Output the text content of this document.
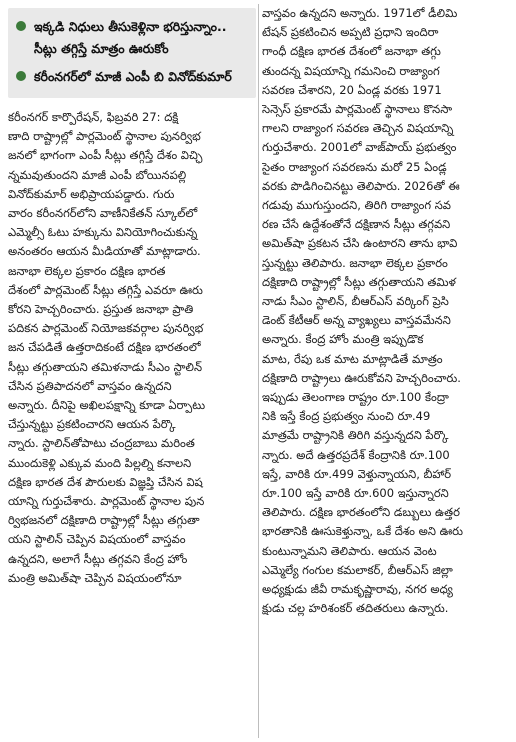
ఇక్కడి నిధులు తీసుకెళ్లినా భరిస్తున్నాం.. సీట్లు తగ్గిస్తే మాత్రం ఊరుకోం
కరీంనగర్‌లో మాజీ ఎంపీ బి వినోద్‌కుమార్
కరీంనగర్ కార్పొరేషన్, ఫిబ్రవరి 27: దక్షి
ణాది రాష్ట్రాల్లో పార్లమెంట్ స్థానాల పునర్విభ
జనలో భాగంగా ఎంపీ సీట్లు తగ్గిస్తే దేశం విచ్ఛి
న్నమవుతుందని మాజీ ఎంపీ బోయినపల్లి
వినోద్‌కుమార్ అభిప్రాయపడ్డారు. గురు
వారం కరీంనగర్‌లోని వాణీనికేతన్ స్కూల్‌లో
ఎమ్మెల్సీ ఓటు హక్కును వినియోగించుకున్న
అనంతరం ఆయన మీడియాతో మాట్లాడారు.
జనాభా లెక్కల ప్రకారం దక్షిణ భారత
దేశంలో పార్లమెంట్ సీట్లు తగ్గిస్తే ఎవరూ ఊరు
కోరని హెచ్చరించారు. ప్రస్తుత జనాభా ప్రాతి
పదికన పార్లమెంట్ నియోజకవర్గాల పునర్విభ
జన చేపడితే ఉత్తరాదికంటే దక్షిణ భారతంలో
సీట్లు తగ్గుతాయని తమిళనాడు సీఎం స్టాలిన్
చేసిన ప్రతిపాదనలో వాస్తవం ఉన్నదని
అన్నారు. దీనిపై అఖిలపక్షాన్ని కూడా ఏర్పాటు
చేస్తున్నట్టు ప్రకటించారని ఆయన పేర్కొ
న్నారు. స్టాలిన్‌తోపాటు చంద్రబాబు మరింత
ముందుకెళ్లి ఎక్కువ మంది పిల్లల్ని కనాలని
దక్షిణ భారత దేశ పౌరులకు విజ్ఞప్తి చేసిన విష
యాన్ని గుర్తుచేశారు. పార్లమెంట్ స్థానాల పున
ర్విభజనలో దక్షిణాది రాష్ట్రాల్లో సీట్లు తగ్గుతా
యని స్టాలిన్ చెప్పిన విషయంలో వాస్తవం
ఉన్నదని, అలాగే సీట్లు తగ్గవని కేంద్ర హోం
మంత్రి అమిత్‌షా చెప్పిన విషయంలోనూ
వాస్తవం ఉన్నదని అన్నారు. 1971లో డీలిమి
టేషన్ ప్రకటించిన అప్పటి ప్రధాని ఇందిరా
గాంధీ దక్షిణ భారత దేశంలో జనాభా తగ్గు
తుందన్న విషయాన్ని గమనించి రాజ్యాంగ
సవరణ చేశారని, 20 ఏండ్ల వరకు 1971
సెన్సెస్ ప్రకారమే పార్లమెంట్ స్థానాలు కొనసా
గాలని రాజ్యాంగ సవరణ తెచ్చిన విషయాన్ని
గుర్తుచేశారు. 2001లో వాజ్‌పాయ్ ప్రభుత్వం
సైతం రాజ్యాంగ సవరణను మరో 25 ఏండ్ల
వరకు పొడిగించినట్టు తెలిపారు. 2026తో ఈ
గడువు ముగుస్తుందని, తిరిగి రాజ్యాంగ సవ
రణ చేసే ఉద్దేశంతోనే దక్షిణాన సీట్లు తగ్గవని
అమిత్‌షా ప్రకటన చేసి ఉంటారని తాను భావి
స్తున్నట్టు తెలిపారు. జనాభా లెక్కల ప్రకారం
దక్షిణాది రాష్ట్రాల్లో సీట్లు తగ్గుతాయని తమిళ
నాడు సీఎం స్టాలిన్, బీఆర్‌ఎస్ వర్కింగ్ ప్రెసి
డెంట్ కేటీఆర్ అన్న వ్యాఖ్యలు వాస్తవమేనని
అన్నారు. కేంద్ర హోం మంత్రి ఇప్పుడొక
మాట, రేపు ఒక మాట మాట్లాడితే మాత్రం
దక్షిణాది రాష్ట్రాలు ఊరుకోవని హెచ్చరించారు.
ఇప్పుడు తెలంగాణ రాష్ట్రం రూ.100 కేంద్రా
నికి ఇస్తే కేంద్ర ప్రభుత్వం నుంచి రూ.49
మాత్రమే రాష్ట్రానికి తిరిగి వస్తున్నదని పేర్కొ
న్నారు. అదే ఉత్తరప్రదేశ్ కేంద్రానికి రూ.100
ఇస్తే, వారికి రూ.499 వెళ్తున్నాయని, బీహార్
రూ.100 ఇస్తే వారికి రూ.600 ఇస్తున్నారని
తెలిపారు. దక్షిణ భారతంలోని డబ్బులు ఉత్తర
భారతానికి ఊసుకెళ్తున్నా, ఒకే దేశం అని ఊరు
కుంటున్నామని తెలిపారు. ఆయన వెంట
ఎమ్మెల్యే గంగుల కమలాకర్, బీఆర్‌ఎస్ జిల్లా
అధ్యక్షుడు జీవీ రామకృష్ణారావు, నగర అధ్య
క్షుడు చల్ల హరిశంకర్ తదితరులు ఉన్నారు.
